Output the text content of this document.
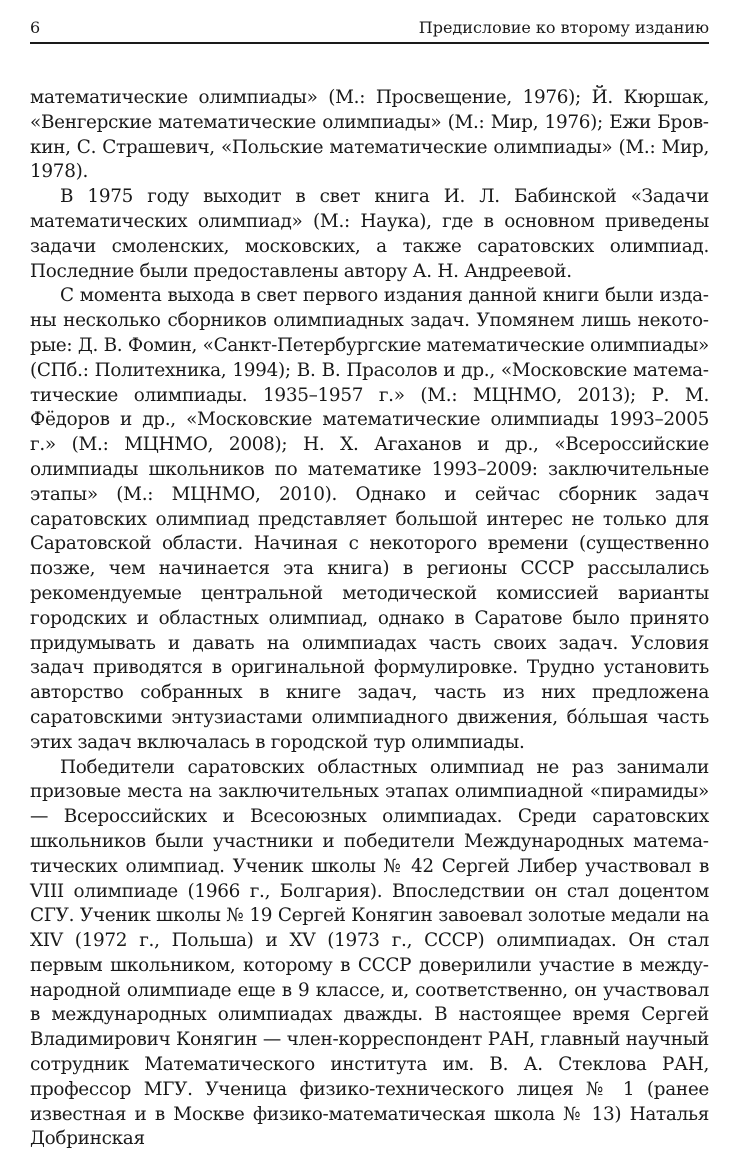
6	Предисловие ко второму изданию

математические олимпиады» (М.: Просвещение, 1976); Й. Кюршак, «Венгерские математические олимпиады» (М.: Мир, 1976); Ежи Бровкин, С. Страшевич, «Польские математические олимпиады» (М.: Мир, 1978).

В 1975 году выходит в свет книга И. Л. Бабинской «Задачи математических олимпиад» (М.: Наука), где в основном приведены задачи смоленских, московских, а также саратовских олимпиад. Последние были предоставлены автору А. Н. Андреевой.

С момента выхода в свет первого издания данной книги были изданы несколько сборников олимпиадных задач. Упомянем лишь некоторые: Д. В. Фомин, «Санкт-Петербургские математические олимпиады» (СПб.: Политехника, 1994); В. В. Прасолов и др., «Московские математические олимпиады. 1935–1957 г.» (М.: МЦНМО, 2013); Р. М. Фёдоров и др., «Московские математические олимпиады 1993–2005 г.» (М.: МЦНМО, 2008); Н. Х. Агаханов и др., «Всероссийские олимпиады школьников по математике 1993–2009: заключительные этапы» (М.: МЦНМО, 2010). Однако и сейчас сборник задач саратовских олимпиад представляет большой интерес не только для Саратовской области. Начиная с некоторого времени (существенно позже, чем начинается эта книга) в регионы СССР рассылались рекомендуемые центральной методической комиссией варианты городских и областных олимпиад, однако в Саратове было принято придумывать и давать на олимпиадах часть своих задач. Условия задач приводятся в оригинальной формулировке. Трудно установить авторство собранных в книге задач, часть из них предложена саратовскими энтузиастами олимпиадного движения, бóльшая часть этих задач включалась в городской тур олимпиады.

Победители саратовских областных олимпиад не раз занимали призовые места на заключительных этапах олимпиадной «пирамиды» — Всероссийских и Всесоюзных олимпиадах. Среди саратовских школьников были участники и победители Международных математических олимпиад. Ученик школы № 42 Сергей Либер участвовал в VIII олимпиаде (1966 г., Болгария). Впоследствии он стал доцентом СГУ. Ученик школы № 19 Сергей Конягин завоевал золотые медали на XIV (1972 г., Польша) и XV (1973 г., СССР) олимпиадах. Он стал первым школьником, которому в СССР доверилили участие в международной олимпиаде еще в 9 классе, и, соответственно, он участвовал в международных олимпиадах дважды. В настоящее время Сергей Владимирович Конягин — член-корреспондент РАН, главный научный сотрудник Математического института им. В. А. Стеклова РАН, профессор МГУ. Ученица физико-технического лицея № 1 (ранее известная и в Москве физико-математическая школа № 13) Наталья Добринская
